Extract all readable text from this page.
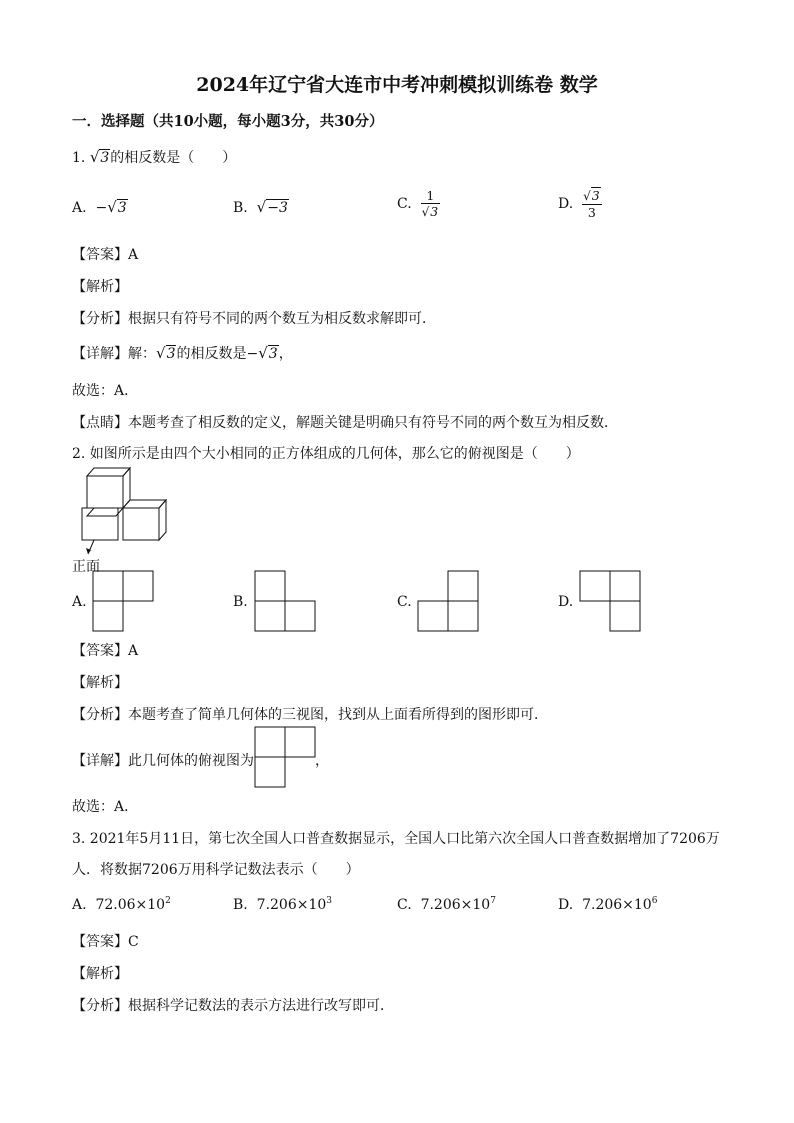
2024年辽宁省大连市中考冲刺模拟训练卷 数学
一．选择题（共10小题，每小题3分，共30分）
1. √3的相反数是（　　）
A. −√3	B. √−3	C. $\frac{1}{√3}$	D. $\frac{√3}{3}$
【答案】A
【解析】
【分析】根据只有符号不同的两个数互为相反数求解即可．
【详解】解：√3的相反数是−√3，
故选：A．
【点睛】本题考查了相反数的定义，解题关键是明确只有符号不同的两个数互为相反数．
2. 如图所示是由四个大小相同的正方体组成的几何体，那么它的俯视图是（　　）
正面
A.	B.	C.	D.
【答案】A
【解析】
【分析】本题考查了简单几何体的三视图，找到从上面看所得到的图形即可．
【详解】此几何体的俯视图为	，
故选：A．
3. 2021年5月11日，第七次全国人口普查数据显示，全国人口比第六次全国人口普查数据增加了7206万
人．将数据7206万用科学记数法表示（　　）
A. $72.06\times 10^2$	B. $7.206\times 10^3$	C. $7.206\times 10^7$	D. $7.206\times 10^6$
【答案】C
【解析】
【分析】根据科学记数法的表示方法进行改写即可．
